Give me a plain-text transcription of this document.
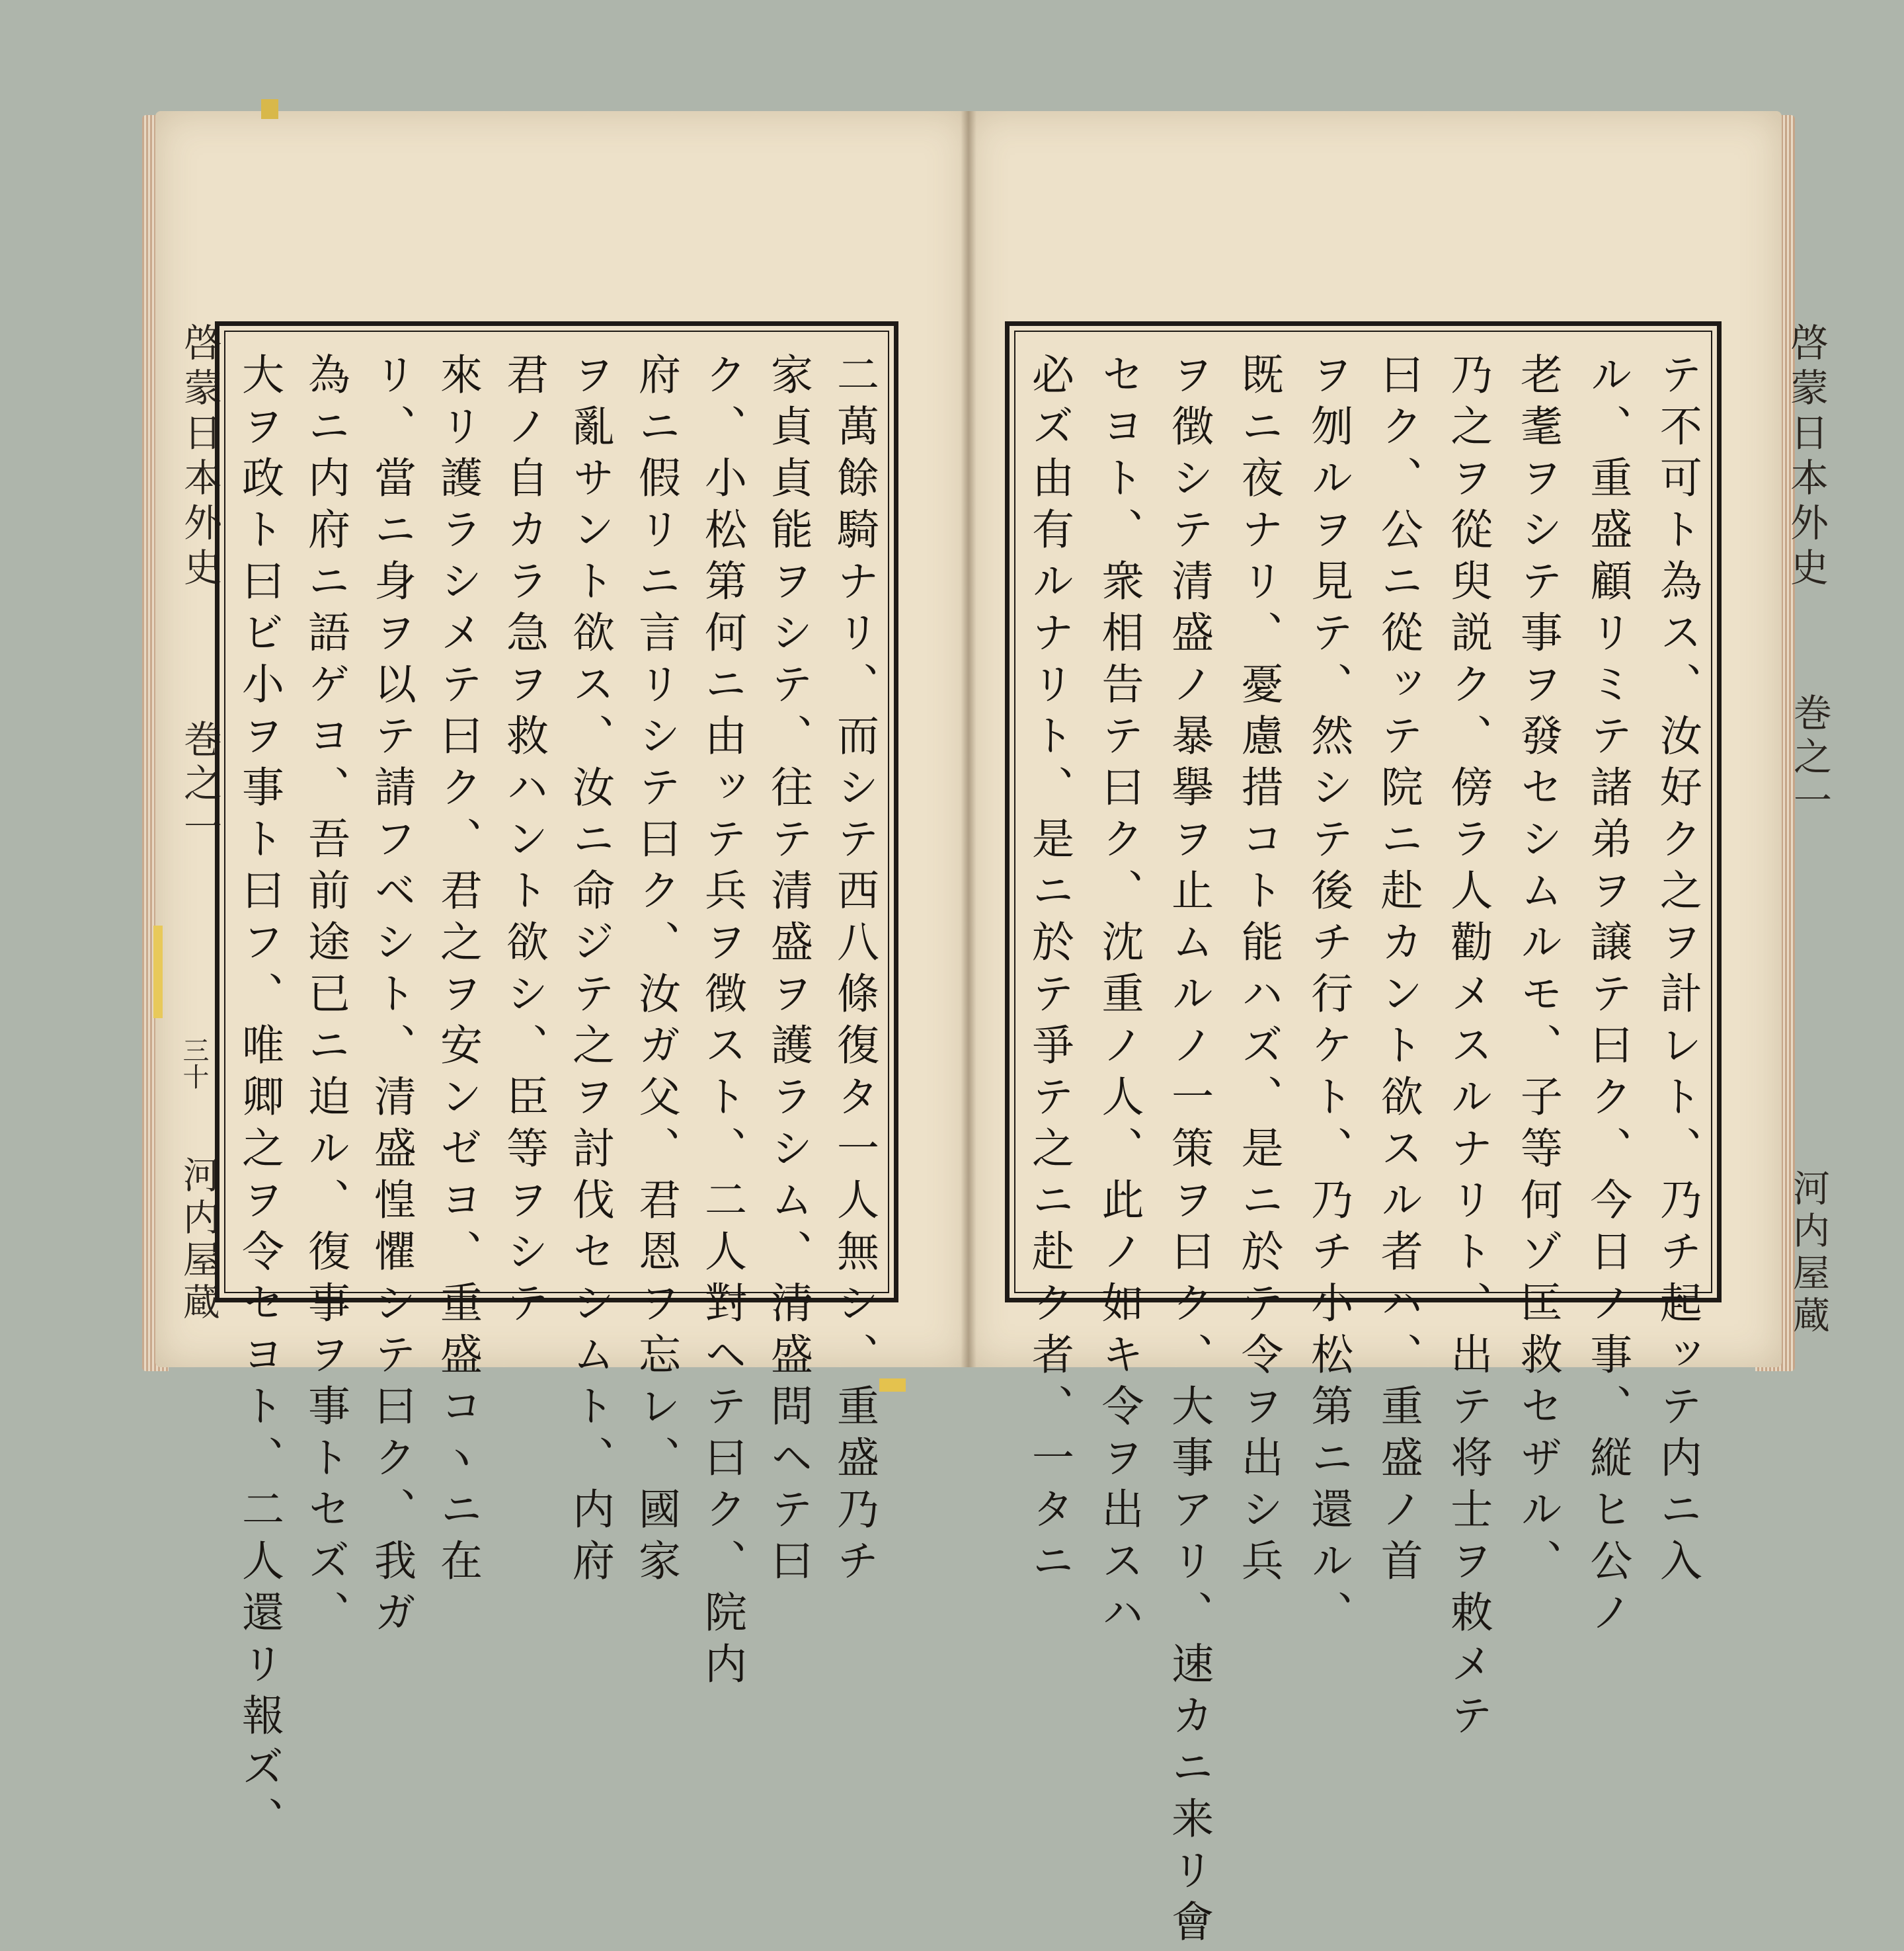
啓蒙日本外史
巻之一
三十
河内屋蔵	二萬餘騎ナリ、而シテ西八條復タ一人無シ、重盛乃チ
家貞貞能ヲシテ、往テ清盛ヲ護ラシム、清盛問ヘテ曰
ク、小松第何ニ由ッテ兵ヲ徴スト、二人對ヘテ曰ク、院内
府ニ假リニ言リシテ曰ク、汝ガ父、君恩ヲ忘レ、國家
ヲ亂サント欲ス、汝ニ命ジテ之ヲ討伐セシムト、内府
君ノ自カラ急ヲ救ハント欲シ、臣等ヲシテ
來リ護ラシメテ曰ク、君之ヲ安ンゼヨ、重盛コヽニ在
リ、當ニ身ヲ以テ請フベシト、清盛惶懼シテ曰ク、我ガ
為ニ内府ニ語ゲヨ、吾前途已ニ迫ル、復事ヲ事トセズ、
大ヲ政ト曰ビ小ヲ事ト曰フ、唯卿之ヲ令セヨト、二人還リ報ズ、	テ不可ト為ス、汝好ク之ヲ計レト、乃チ起ッテ内ニ入
ル、重盛顧リミテ諸弟ヲ譲テ曰ク、今日ノ事、縦ヒ公ノ
老耄ヲシテ事ヲ發セシムルモ、子等何ゾ匡救セザル、
乃之ヲ從臾説ク、傍ラ人勸メスルナリト、出テ将士ヲ敕メテ
曰ク、公ニ從ッテ院ニ赴カント欲スル者ハ、重盛ノ首
ヲ刎ルヲ見テ、然シテ後チ行ケト、乃チ小松第ニ還ル、
既ニ夜ナリ、憂慮措コト能ハズ、是ニ於テ令ヲ出シ兵
ヲ徴シテ清盛ノ暴擧ヲ止ムルノ一策ヲ曰ク、大事アリ、速カニ来リ會
セヨト、衆相告テ曰ク、沈重ノ人、此ノ如キ令ヲ出スハ
必ズ由有ルナリト、是ニ於テ爭テ之ニ赴ク者、一タニ	啓蒙日本外史
巻之一
河内屋蔵
